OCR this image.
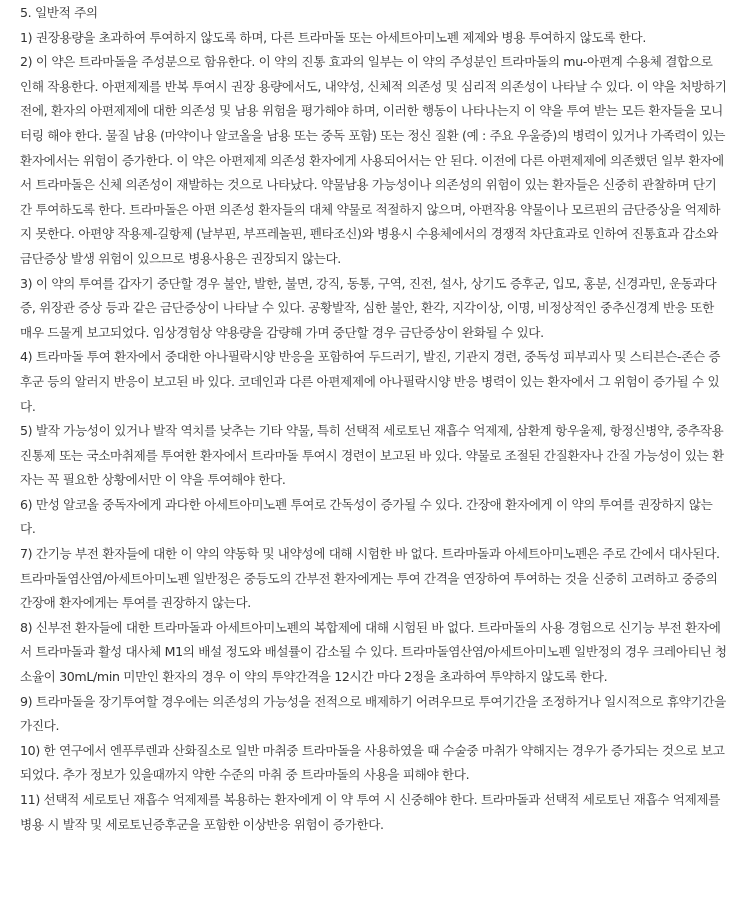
5. 일반적 주의

1) 권장용량을 초과하여 투여하지 않도록 하며, 다른 트라마돌 또는 아세트아미노펜 제제와 병용 투여하지 않도록 한다.

2) 이 약은 트라마돌을 주성분으로 함유한다. 이 약의 진통 효과의 일부는 이 약의 주성분인 트라마돌의 mu-아편계 수용체 결합으로 인해 작용한다. 아편제제를 반복 투여시 권장 용량에서도, 내약성, 신체적 의존성 및 심리적 의존성이 나타날 수 있다. 이 약을 처방하기 전에, 환자의 아편제제에 대한 의존성 및 남용 위험을 평가해야 하며, 이러한 행동이 나타나는지 이 약을 투여 받는 모든 환자들을 모니터링 해야 한다. 물질 남용 (마약이나 알코올을 남용 또는 중독 포함) 또는 정신 질환 (예 : 주요 우울증)의 병력이 있거나 가족력이 있는 환자에서는 위험이 증가한다. 이 약은 아편제제 의존성 환자에게 사용되어서는 안 된다. 이전에 다른 아편제제에 의존했던 일부 환자에서 트라마돌은 신체 의존성이 재발하는 것으로 나타났다. 약물남용 가능성이나 의존성의 위험이 있는 환자들은 신중히 관찰하며 단기간 투여하도록 한다. 트라마돌은 아편 의존성 환자들의 대체 약물로 적절하지 않으며, 아편작용 약물이나 모르핀의 금단증상을 억제하지 못한다. 아편양 작용제-길항제 (날부핀, 부프레놀핀, 펜타조신)와 병용시 수용체에서의 경쟁적 차단효과로 인하여 진통효과 감소와 금단증상 발생 위험이 있으므로 병용사용은 권장되지 않는다.

3) 이 약의 투여를 갑자기 중단할 경우 불안, 발한, 불면, 강직, 동통, 구역, 진전, 설사, 상기도 증후군, 입모, 홍분, 신경과민, 운동과다증, 위장관 증상 등과 같은 금단증상이 나타날 수 있다. 공황발작, 심한 불안, 환각, 지각이상, 이명, 비정상적인 중추신경계 반응 또한 매우 드물게 보고되었다. 임상경험상 약용량을 감량해 가며 중단할 경우 금단증상이 완화될 수 있다.

4) 트라마돌 투여 환자에서 중대한 아나필락시양 반응을 포함하여 두드러기, 발진, 기관지 경련, 중독성 피부괴사 및 스티븐슨-존슨 증후군 등의 알러지 반응이 보고된 바 있다. 코데인과 다른 아편제제에 아나필락시양 반응 병력이 있는 환자에서 그 위험이 증가될 수 있다.

5) 발작 가능성이 있거나 발작 역치를 낮추는 기타 약물, 특히 선택적 세로토닌 재흡수 억제제, 삼환계 항우울제, 항정신병약, 중추작용 진통제 또는 국소마취제를 투여한 환자에서 트라마돌 투여시 경련이 보고된 바 있다. 약물로 조절된 간질환자나 간질 가능성이 있는 환자는 꼭 필요한 상황에서만 이 약을 투여해야 한다.

6) 만성 알코올 중독자에게 과다한 아세트아미노펜 투여로 간독성이 증가될 수 있다. 간장애 환자에게 이 약의 투여를 권장하지 않는다.

7) 간기능 부전 환자들에 대한 이 약의 약동학 및 내약성에 대해 시험한 바 없다. 트라마돌과 아세트아미노펜은 주로 간에서 대사된다. 트라마돌염산염/아세트아미노펜 일반정은 중등도의 간부전 환자에게는 투여 간격을 연장하여 투여하는 것을 신중히 고려하고 중증의 간장애 환자에게는 투여를 권장하지 않는다.

8) 신부전 환자들에 대한 트라마돌과 아세트아미노펜의 복합제에 대해 시험된 바 없다. 트라마돌의 사용 경험으로 신기능 부전 환자에서 트라마돌과 활성 대사체 M1의 배설 정도와 배설률이 감소될 수 있다. 트라마돌염산염/아세트아미노펜 일반정의 경우 크레아티닌 청소율이 30mL/min 미만인 환자의 경우 이 약의 투약간격을 12시간 마다 2정을 초과하여 투약하지 않도록 한다.

9) 트라마돌을 장기투여할 경우에는 의존성의 가능성을 전적으로 배제하기 어려우므로 투여기간을 조정하거나 일시적으로 휴약기간을 가진다.

10) 한 연구에서 엔푸루렌과 산화질소로 일반 마취중 트라마돌을 사용하였을 때 수술중 마취가 약해지는 경우가 증가되는 것으로 보고되었다. 추가 정보가 있을때까지 약한 수준의 마취 중 트라마돌의 사용을 피해야 한다.

11) 선택적 세로토닌 재흡수 억제제를 복용하는 환자에게 이 약 투여 시 신중해야 한다. 트라마돌과 선택적 세로토닌 재흡수 억제제를 병용 시 발작 및 세로토닌증후군을 포함한 이상반응 위험이 증가한다.
